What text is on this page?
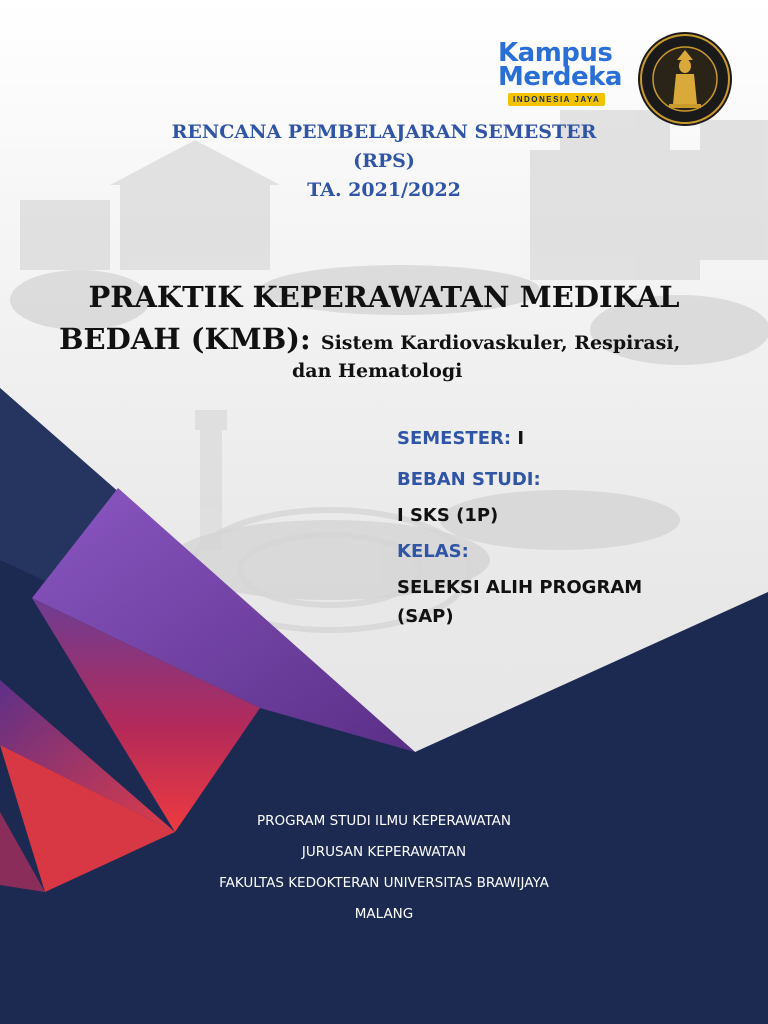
Kampus
Merdeka
INDONESIA JAYA
RENCANA PEMBELAJARAN SEMESTER
(RPS)
TA. 2021/2022
PRAKTIK KEPERAWATAN MEDIKAL
BEDAH (KMB): Sistem Kardiovaskuler, Respirasi,
dan Hematologi
SEMESTER: I
BEBAN STUDI:
I SKS (1P)
KELAS:
SELEKSI ALIH PROGRAM
(SAP)
PROGRAM STUDI ILMU KEPERAWATAN
JURUSAN KEPERAWATAN
FAKULTAS KEDOKTERAN UNIVERSITAS BRAWIJAYA
MALANG
